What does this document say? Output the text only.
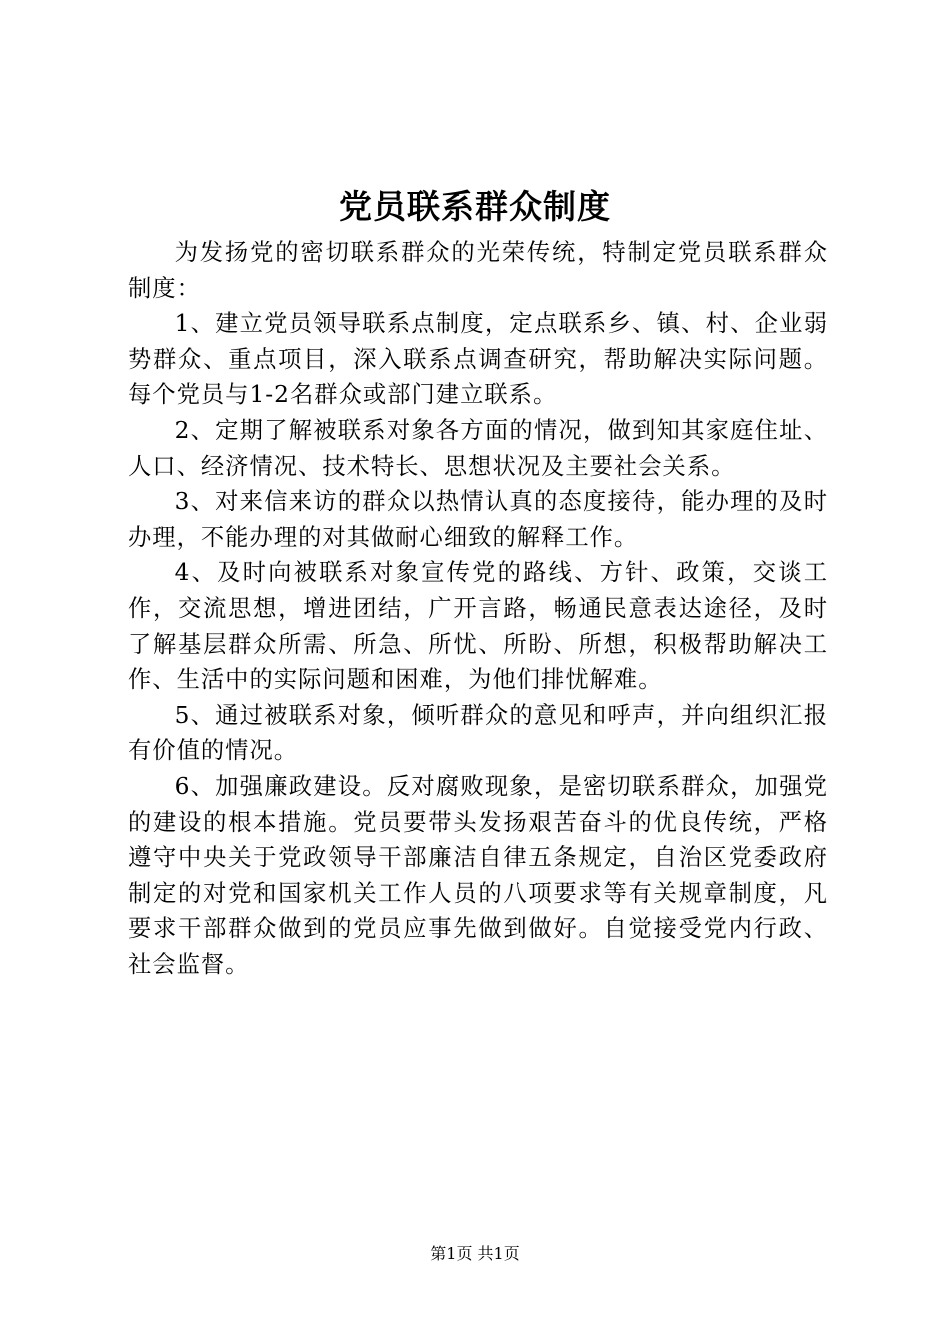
党员联系群众制度

为发扬党的密切联系群众的光荣传统，特制定党员联系群众制度：

1、建立党员领导联系点制度，定点联系乡、镇、村、企业弱势群众、重点项目，深入联系点调查研究，帮助解决实际问题。每个党员与1-2名群众或部门建立联系。

2、定期了解被联系对象各方面的情况，做到知其家庭住址、人口、经济情况、技术特长、思想状况及主要社会关系。

3、对来信来访的群众以热情认真的态度接待，能办理的及时办理，不能办理的对其做耐心细致的解释工作。

4、及时向被联系对象宣传党的路线、方针、政策，交谈工作，交流思想，增进团结，广开言路，畅通民意表达途径，及时了解基层群众所需、所急、所忧、所盼、所想，积极帮助解决工作、生活中的实际问题和困难，为他们排忧解难。

5、通过被联系对象，倾听群众的意见和呼声，并向组织汇报有价值的情况。

6、加强廉政建设。反对腐败现象，是密切联系群众，加强党的建设的根本措施。党员要带头发扬艰苦奋斗的优良传统，严格遵守中央关于党政领导干部廉洁自律五条规定，自治区党委政府制定的对党和国家机关工作人员的八项要求等有关规章制度，凡要求干部群众做到的党员应事先做到做好。自觉接受党内行政、社会监督。

第1页 共1页
